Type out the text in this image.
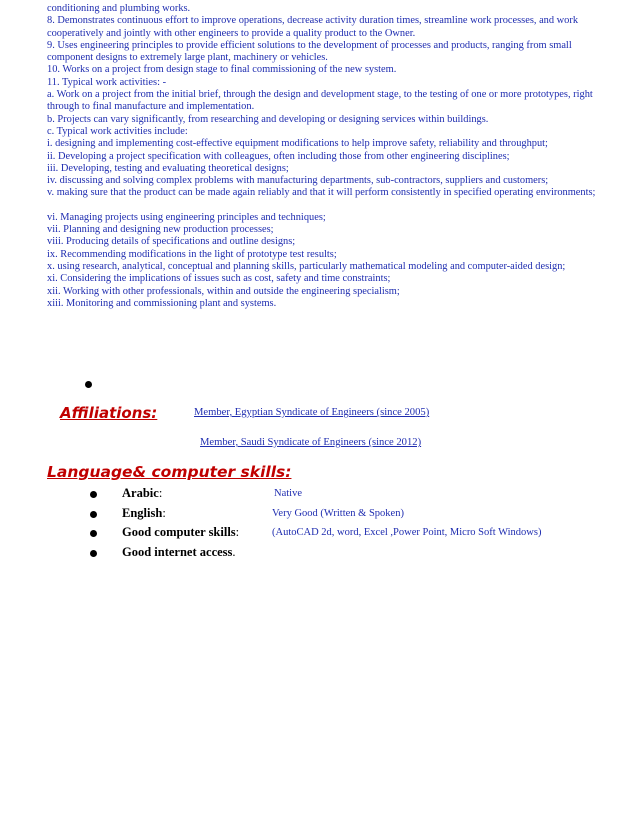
conditioning and plumbing works.
8. Demonstrates continuous effort to improve operations, decrease activity duration times, streamline work processes, and work
cooperatively and jointly with other engineers to provide a quality product to the Owner.
9. Uses engineering principles to provide efficient solutions to the development of processes and products, ranging from small
component designs to extremely large plant, machinery or vehicles.
10. Works on a project from design stage to final commissioning of the new system.
11. Typical work activities: -
a. Work on a project from the initial brief, through the design and development stage, to the testing of one or more prototypes, right
through to final manufacture and implementation.
b. Projects can vary significantly, from researching and developing or designing services within buildings.
c. Typical work activities include:
i. designing and implementing cost-effective equipment modifications to help improve safety, reliability and throughput;
ii. Developing a project specification with colleagues, often including those from other engineering disciplines;
iii. Developing, testing and evaluating theoretical designs;
iv. discussing and solving complex problems with manufacturing departments, sub-contractors, suppliers and customers;
v. making sure that the product can be made again reliably and that it will perform consistently in specified operating environments;
vi. Managing projects using engineering principles and techniques;
vii. Planning and designing new production processes;
viii. Producing details of specifications and outline designs;
ix. Recommending modifications in the light of prototype test results;
x. using research, analytical, conceptual and planning skills, particularly mathematical modeling and computer-aided design;
xi. Considering the implications of issues such as cost, safety and time constraints;
xii. Working with other professionals, within and outside the engineering specialism;
xiii. Monitoring and commissioning plant and systems.
Affiliations:	Member, Egyptian Syndicate of Engineers (since 2005)
Member, Saudi Syndicate of Engineers (since 2012)
Language& computer skills:
Arabic:	Native
English:	Very Good (Written & Spoken)
Good computer skills:	(AutoCAD 2d, word, Excel ,Power Point, Micro Soft Windows)
Good internet access.
